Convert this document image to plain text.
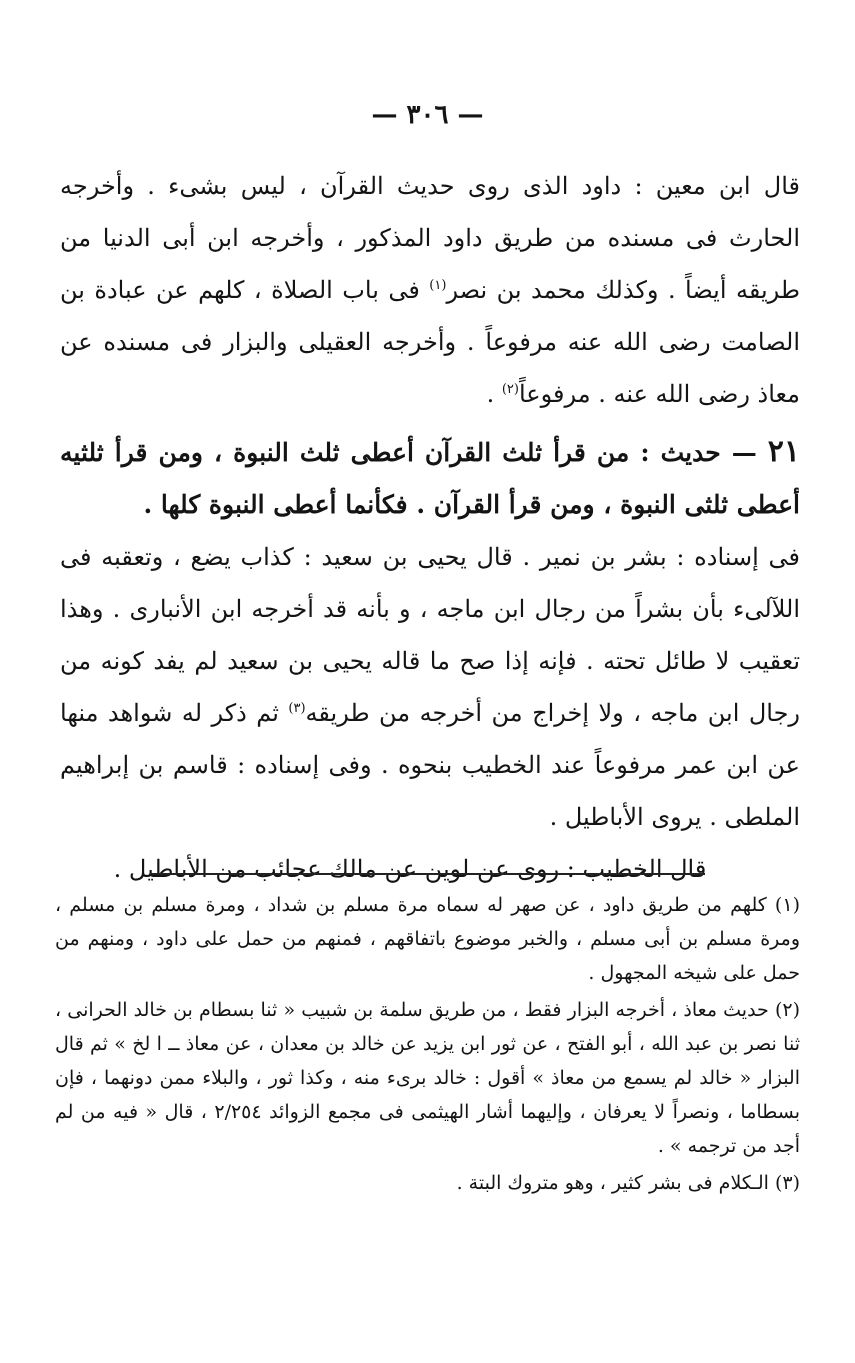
— ٣٠٦ —

قال ابن معين : داود الذى روى حديث القرآن ، ليس بشىء . وأخرجه الحارث فى مسنده من طريق داود المذكور ، وأخرجه ابن أبى الدنيا من طريقه أيضاً . وكذلك محمد بن نصر$^{(١)}$ فى باب الصلاة ، كلهم عن عبادة بن الصامت رضى الله عنه مرفوعاً . وأخرجه العقيلى والبزار فى مسنده عن معاذ رضى الله عنه . مرفوعاً$^{(٢)}$ .

٢١ — حديث : من قرأ ثلث القرآن أعطى ثلث النبوة ، ومن قرأ ثلثيه أعطى ثلثى النبوة ، ومن قرأ القرآن . فكأنما أعطى النبوة كلها .

فى إسناده : بشر بن نمير . قال يحيى بن سعيد : كذاب يضع ، وتعقبه فى اللآلىء بأن بشراً من رجال ابن ماجه ، و بأنه قد أخرجه ابن الأنبارى . وهذا تعقيب لا طائل تحته . فإنه إذا صح ما قاله يحيى بن سعيد لم يفد كونه من رجال ابن ماجه ، ولا إخراج من أخرجه من طريقه$^{(٣)}$ ثم ذكر له شواهد منها عن ابن عمر مرفوعاً عند الخطيب بنحوه . وفى إسناده : قاسم بن إبراهيم الملطى . يروى الأباطيل .

قال الخطيب : روى عن لوين عن مالك عجائب من الأباطيل .

(١) كلهم من طريق داود ، عن صهر له سماه مرة مسلم بن شداد ، ومرة مسلم بن مسلم ، ومرة مسلم بن أبى مسلم ، والخبر موضوع باتفاقهم ، فمنهم من حمل على داود ، ومنهم من حمل على شيخه المجهول .

(٢) حديث معاذ ، أخرجه البزار فقط ، من طريق سلمة بن شبيب « ثنا بسطام بن خالد الحرانى ، ثنا نصر بن عبد الله ، أبو الفتح ، عن ثور ابن يزيد عن خالد بن معدان ، عن معاذ ــ ا لخ » ثم قال البزار « خالد لم يسمع من معاذ » أقول : خالد برىء منه ، وكذا ثور ، والبلاء ممن دونهما ، فإن بسطاما ، ونصراً لا يعرفان ، وإليهما أشار الهيثمى فى مجمع الزوائد ٢/٢٥٤ ، قال « فيه من لم أجد من ترجمه » .

(٣) الـكلام فى بشر كثير ، وهو متروك البتة .
